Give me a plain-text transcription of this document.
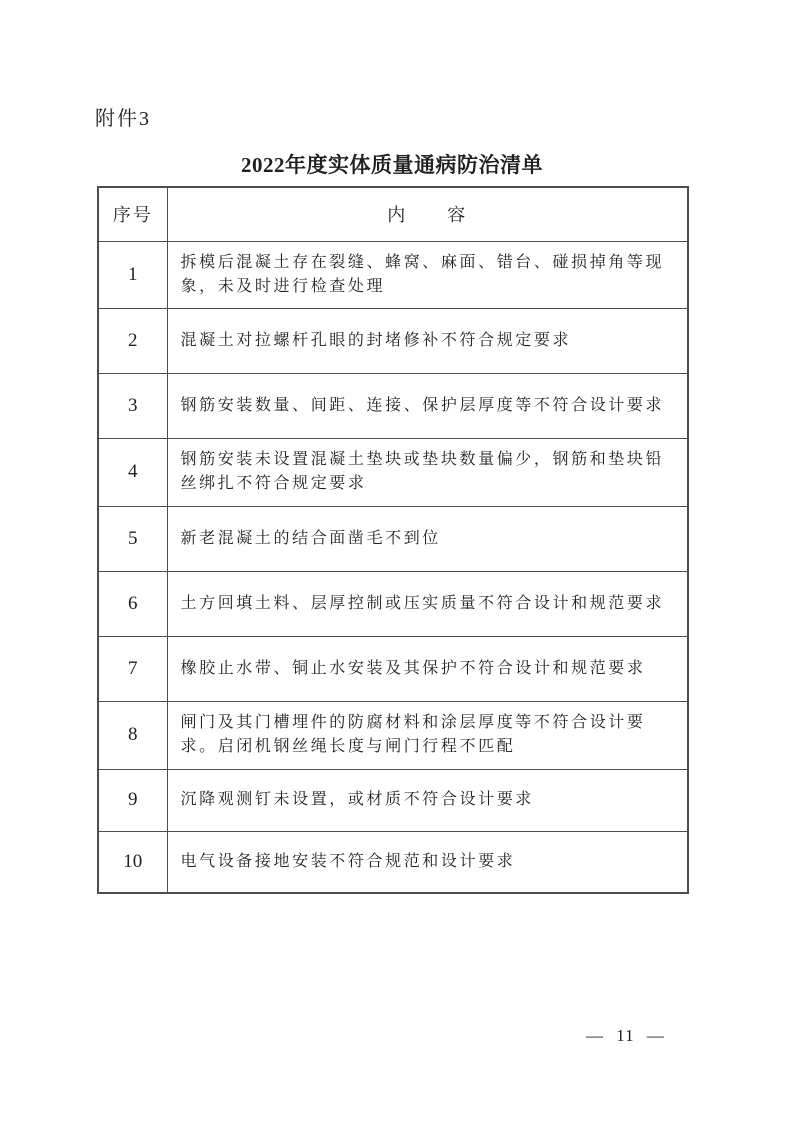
附件3
2022年度实体质量通病防治清单
序号	内　　容
1	拆模后混凝土存在裂缝、蜂窝、麻面、错台、碰损掉角等现象，未及时进行检查处理
2	混凝土对拉螺杆孔眼的封堵修补不符合规定要求
3	钢筋安装数量、间距、连接、保护层厚度等不符合设计要求
4	钢筋安装未设置混凝土垫块或垫块数量偏少，钢筋和垫块铅丝绑扎不符合规定要求
5	新老混凝土的结合面凿毛不到位
6	土方回填土料、层厚控制或压实质量不符合设计和规范要求
7	橡胶止水带、铜止水安装及其保护不符合设计和规范要求
8	闸门及其门槽埋件的防腐材料和涂层厚度等不符合设计要求。启闭机钢丝绳长度与闸门行程不匹配
9	沉降观测钉未设置，或材质不符合设计要求
10	电气设备接地安装不符合规范和设计要求
— 11 —
